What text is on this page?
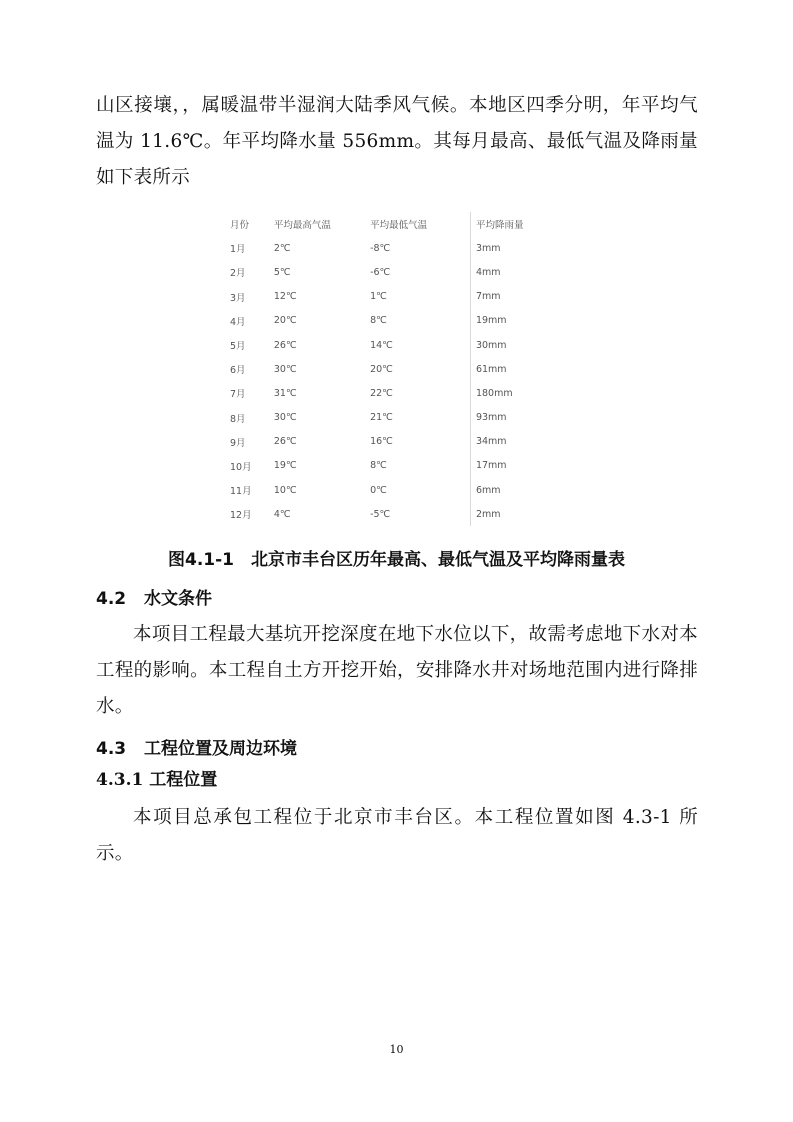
山区接壤，，属暖温带半湿润大陆季风气候。本地区四季分明，年平均气温为 11.6℃。年平均降水量 556mm。其每月最高、最低气温及降雨量如下表所示

月份	平均最高气温	平均最低气温	平均降雨量
1月	2℃	-8℃	3mm
2月	5℃	-6℃	4mm
3月	12℃	1℃	7mm
4月	20℃	8℃	19mm
5月	26℃	14℃	30mm
6月	30℃	20℃	61mm
7月	31℃	22℃	180mm
8月	30℃	21℃	93mm
9月	26℃	16℃	34mm
10月	19℃	8℃	17mm
11月	10℃	0℃	6mm
12月	4℃	-5℃	2mm

图4.1-1　北京市丰台区历年最高、最低气温及平均降雨量表

4.2 水文条件

本项目工程最大基坑开挖深度在地下水位以下，故需考虑地下水对本工程的影响。本工程自土方开挖开始，安排降水井对场地范围内进行降排水。

4.3 工程位置及周边环境
4.3.1 工程位置

本项目总承包工程位于北京市丰台区。本工程位置如图 4.3-1 所示。

10
